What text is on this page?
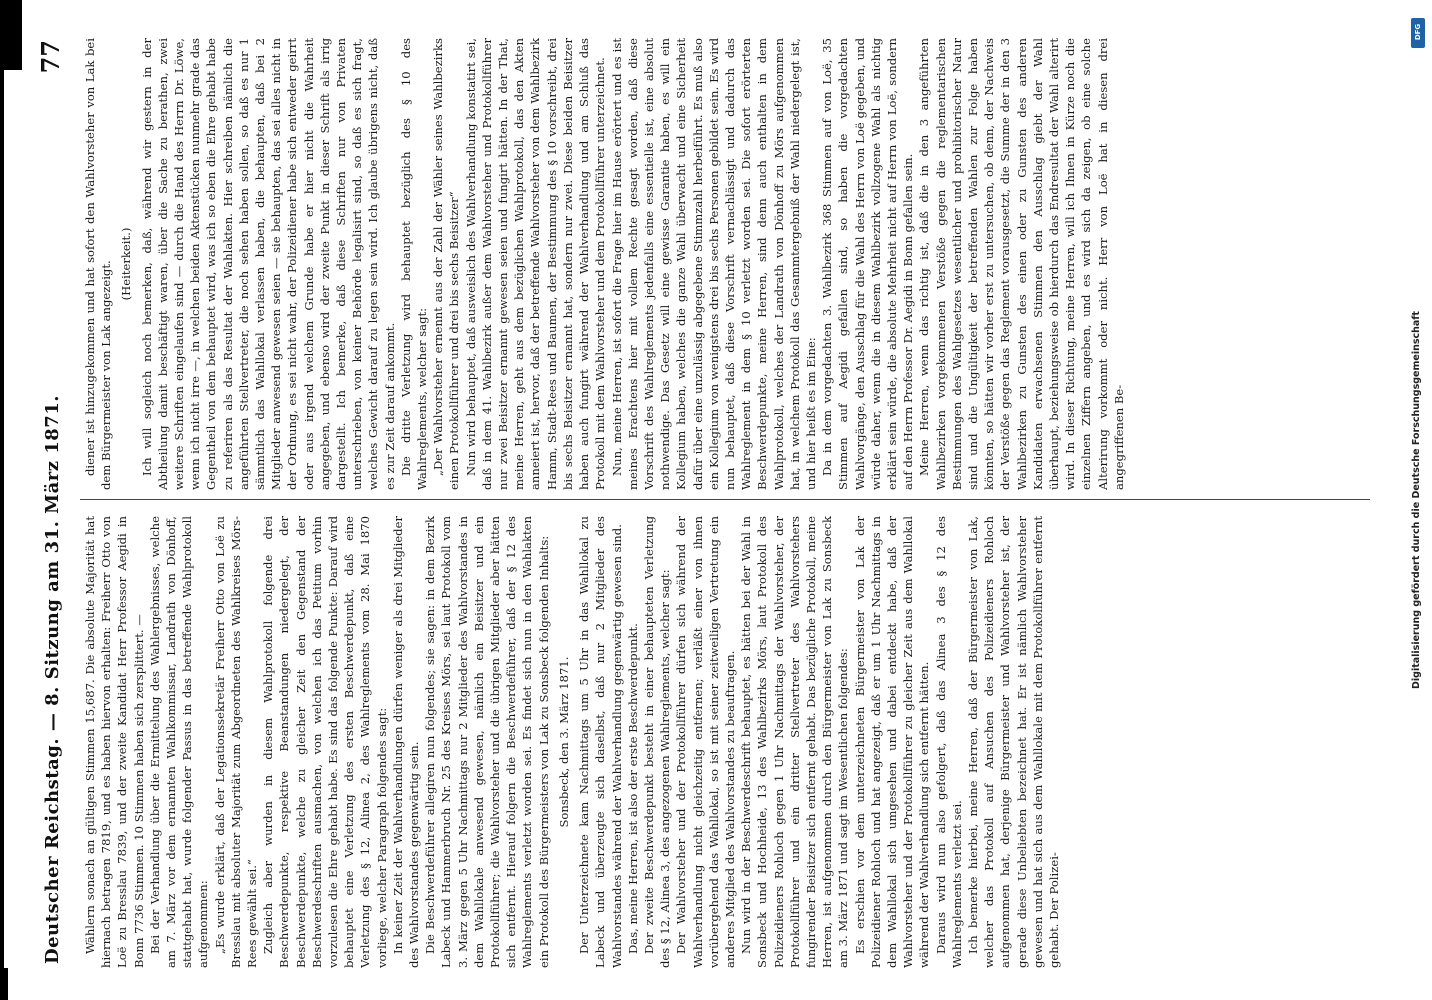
Deutscher Reichstag. — 8. Sitzung am 31. März 1871.
77

Wählern sonach an gültigen Stimmen 15,687. Die absolute Majorität hat hiernach betragen 7819, und es haben hiervon erhalten: Freiherr Otto von Loë zu Bresslau 7839, und der zweite Kandidat Herr Professor Aegidi in Bonn 7736 Stimmen. 10 Stimmen haben sich zersplittert. — Bei der Verhandlung über die Ermittelung des Wahlergebnisses, welche am 7. März vor dem ernannten Wahlkommissar, Landrath von Dönhoff, stattgehabt hat, wurde folgender Passus in das betreffende Wahlprotokoll aufgenommen: „Es wurde erklärt, daß der Legationssekretär Freiherr Otto von Loë zu Bresslau mit absoluter Majorität zum Abgeordneten des Wahlkreises Mörs-Rees gewählt sei.“ Zugleich aber wurden in diesem Wahlprotokoll folgende drei Beschwerdepunkte, respektive Beanstandungen niedergelegt, der Beschwerdepunkte, welche zu gleicher Zeit den Gegenstand der Beschwerdeschriften ausmachen, von welchen ich das Petitum vorhin vorzulesen die Ehre gehabt habe. Es sind das folgende Punkte: Darauf wird behauptet eine Verletzung des ersten Beschwerdepunkt, daß eine Verletzung des § 12, Alinea 2, des Wahlreglements vom 28. Mai 1870 vorliege, welcher Paragraph folgendes sagt: In keiner Zeit der Wahlverhandlungen dürfen weniger als drei Mitglieder des Wahlvorstandes gegenwärtig sein. Die Beschwerdeführer allegiren nun folgendes; sie sagen: in dem Bezirk Labeck und Hammerbruch Nr. 25 des Kreises Mörs, sei laut Protokoll vom 3. März gegen 5 Uhr Nachmittags nur 2 Mitglieder des Wahlvorstandes in dem Wahllokale anwesend gewesen, nämlich ein Beisitzer und ein Protokollführer; die Wahlvorsteher und die übrigen Mitglieder aber hätten sich entfernt. Hierauf folgern die Beschwerdeführer, daß der § 12 des Wahlreglements verletzt worden sei. Es findet sich nun in den Wahlakten ein Protokoll des Bürgermeisters von Lak zu Sonsbeck folgenden Inhalts: Sonsbeck, den 3. März 1871. Der Unterzeichnete kam Nachmittags um 5 Uhr in das Wahllokal zu Labeck und überzeugte sich daselbst, daß nur 2 Mitglieder des Wahlvorstandes während der Wahlverhandlung gegenwärtig gewesen sind. Das, meine Herren, ist also der erste Beschwerdepunkt. Der zweite Beschwerdepunkt besteht in einer behaupteten Verletzung des § 12, Alinea 3, des angezogenen Wahlreglements, welcher sagt: Der Wahlvorsteher und der Protokollführer dürfen sich während der Wahlverhandlung nicht gleichzeitig entfernen; verläßt einer von ihnen vorübergehend das Wahllokal, so ist mit seiner zeitweiligen Vertretung ein anderes Mitglied des Wahlvorstandes zu beauftragen. Nun wird in der Beschwerdeschrift behauptet, es hätten bei der Wahl in Sonsbeck und Hochheide, 13 des Wahlbezirks Mörs, laut Protokoll des Polizeidieners Rohloch gegen 1 Uhr Nachmittags der Wahlvorsteher, der Protokollführer und ein dritter Stellvertreter des Wahlvorstehers fungirender Beisitzer sich entfernt gehabt. Das bezügliche Protokoll, meine Herren, ist aufgenommen durch den Bürgermeister von Lak zu Sonsbeck am 3. März 1871 und sagt im Wesentlichen folgendes: Es erschien vor dem unterzeichneten Bürgermeister von Lak der Polizeidiener Rohloch und hat angezeigt, daß er um 1 Uhr Nachmittags in dem Wahllokal sich umgesehen und dabei entdeckt habe, daß der Wahlvorsteher und der Protokollführer zu gleicher Zeit aus dem Wahllokal während der Wahlverhandlung sich entfernt hätten. Daraus wird nun also gefolgert, daß das Alinea 3 des § 12 des Wahlreglements verletzt sei. Ich bemerke hierbei, meine Herren, daß der Bürgermeister von Lak, welcher das Protokoll auf Ansuchen des Polizeidieners Rohloch aufgenommen hat, derjenige Bürgermeister und Wahlvorsteher ist, der gerade diese Unbeliebten bezeichnet hat. Er ist nämlich Wahlvorsteher gewesen und hat sich aus dem Wahllokale mit dem Protokollführer entfernt gehabt. Der Polizei-

diener ist hinzugekommen und hat sofort den Wahlvorsteher von Lak bei dem Bürgermeister von Lak angezeigt. (Heiterkeit.) Ich will sogleich noch bemerken, daß, während wir gestern in der Abtheilung damit beschäftigt waren, über die Sache zu berathen, zwei weitere Schriften eingelaufen sind — durch die Hand des Herrn Dr. Löwe, wenn ich nicht irre —, in welchen beiden Aktenstücken nunmehr grade das Gegentheil von dem behauptet wird, was ich so eben die Ehre gehabt habe zu referiren als das Resultat der Wahlakten. Hier schreiben nämlich die angeführten Stellvertreter, die noch sehen haben sollen, so daß es nur 1 sämmtlich das Wahllokal verlassen haben, die behaupten, daß bei 2 Mitglieder anwesend gewesen seien — sie behaupten, das sei alles nicht in der Ordnung, es sei nicht wahr, der Polizeidiener habe sich entweder geirrt oder aus irgend welchem Grunde habe er hier nicht die Wahrheit angegeben, und ebenso wird der zweite Punkt in dieser Schrift als irrig dargestellt. Ich bemerke, daß diese Schriften nur von Privaten unterschrieben, von keiner Behörde legalisirt sind, so daß es sich fragt, welches Gewicht darauf zu legen sein wird. Ich glaube übrigens nicht, daß es zur Zeit darauf ankommt. Die dritte Verletzung wird behauptet bezüglich des § 10 des Wahlreglements, welcher sagt: „Der Wahlvorsteher ernennt aus der Zahl der Wähler seines Wahlbezirks einen Protokollführer und drei bis sechs Beisitzer“ Nun wird behauptet, daß ausweislich des Wahlverhandlung konstatirt sei, daß in dem 41. Wahlbezirk außer dem Wahlvorsteher und Protokollführer nur zwei Beisitzer ernannt gewesen seien und fungirt hätten. In der That, meine Herren, geht aus dem bezüglichen Wahlprotokoll, das den Akten anneiert ist, hervor, daß der betreffende Wahlvorsteher von dem Wahlbezirk Hamm, Stadt-Rees und Baumen, der Bestimmung des § 10 vorschreibt, drei bis sechs Beisitzer ernannt hat, sondern nur zwei. Diese beiden Beisitzer haben auch fungirt während der Wahlverhandlung und am Schluß das Protokoll mit dem Wahlvorsteher und dem Protokollführer unterzeichnet. Nun, meine Herren, ist sofort die Frage hier im Hause erörtert und es ist meines Erachtens hier mit vollem Rechte gesagt worden, daß diese Vorschrift des Wahlreglements jedenfalls eine essentielle ist, eine absolut nothwendige. Das Gesetz will eine gewisse Garantie haben, es will ein Kollegium haben, welches die ganze Wahl überwacht und eine Sicherheit dafür über eine unzulässig abgegebene Stimmzahl herbeiführt. Es muß also ein Kollegium von wenigstens drei bis sechs Personen gebildet sein. Es wird nun behauptet, daß diese Vorschrift vernachlässigt und dadurch das Wahlreglement in dem § 10 verletzt worden sei. Die sofort erörterten Beschwerdepunkte, meine Herren, sind denn auch enthalten in dem Wahlprotokoll, welches der Landrath von Dönhoff zu Mörs aufgenommen hat, in welchem Protokoll das Gesammtergebniß der Wahl niedergelegt ist, und hier heißt es im Eine: Da in dem vorgedachten 3. Wahlbezirk 368 Stimmen auf von Loë, 35 Stimmen auf Aegidi gefallen sind, so haben die vorgedachten Wahlvorgänge, den Ausschlag für die Wahl des Herrn von Loë gegeben, und würde daher, wenn die in diesem Wahlbezirk vollzogene Wahl als nichtig erklärt sein würde, die absolute Mehrheit nicht auf Herrn von Loë, sondern auf den Herrn Professor Dr. Aegidi in Bonn gefallen sein. Meine Herren, wenn das richtig ist, daß die in den 3 angeführten Wahlbezirken vorgekommenen Verstöße gegen die reglementarischen Bestimmungen des Wahlgesetzes wesentlicher und prohibitorischer Natur sind und die Ungültigkeit der betreffenden Wahlen zur Folge haben könnten, so hätten wir vorher erst zu untersuchen, ob denn, der Nachweis der Verstöße gegen das Reglement vorausgesetzt, die Summe der in den 3 Wahlbezirken zu Gunsten des einen oder zu Gunsten des anderen Kandidaten erwachsenen Stimmen den Ausschlag giebt der Wahl überhaupt, beziehungsweise ob hierdurch das Endresultat der Wahl alterirt wird. In dieser Richtung, meine Herren, will ich Ihnen in Kürze noch die einzelnen Ziffern angeben, und es wird sich da zeigen, ob eine solche Alterirung vorkommt oder nicht. Herr von Loë hat in diesen drei angegriffenen Be-	Digitalisierung gefördert durch die Deutsche Forschungsgemeinschaft
DFG
